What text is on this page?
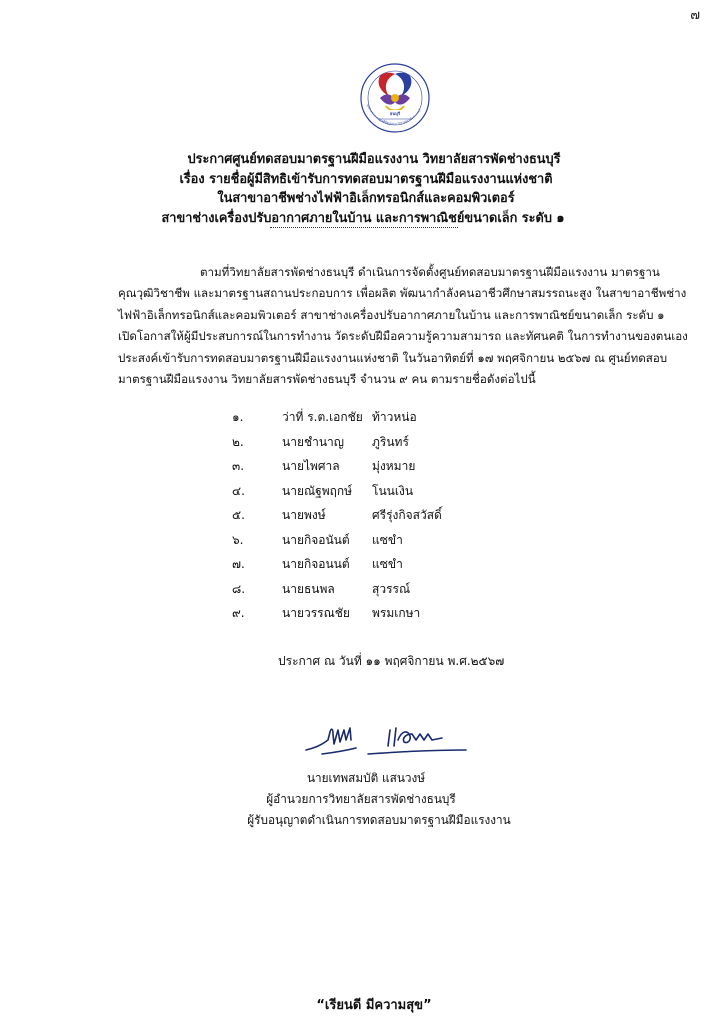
๗
ธนบุรี
ศูนย์ทดสอบมาตรฐานฝีมือแรงงาน วิทยาลัยสารพัดช่างธนบุรี
ประกาศศูนย์ทดสอบมาตรฐานฝีมือแรงงาน วิทยาลัยสารพัดช่างธนบุรี
เรื่อง รายชื่อผู้มีสิทธิเข้ารับการทดสอบมาตรฐานฝีมือแรงงานแห่งชาติ
ในสาขาอาชีพช่างไฟฟ้าอิเล็กทรอนิกส์และคอมพิวเตอร์
สาขาช่างเครื่องปรับอากาศภายในบ้าน และการพาณิชย์ขนาดเล็ก ระดับ ๑
ตามที่วิทยาลัยสารพัดช่างธนบุรี ดำเนินการจัดตั้งศูนย์ทดสอบมาตรฐานฝีมือแรงงาน มาตรฐาน
คุณวุฒิวิชาชีพ และมาตรฐานสถานประกอบการ เพื่อผลิต พัฒนากำลังคนอาชีวศึกษาสมรรถนะสูง ในสาขาอาชีพช่าง
ไฟฟ้าอิเล็กทรอนิกส์และคอมพิวเตอร์ สาขาช่างเครื่องปรับอากาศภายในบ้าน และการพาณิชย์ขนาดเล็ก ระดับ ๑
เปิดโอกาสให้ผู้มีประสบการณ์ในการทำงาน วัดระดับฝีมือความรู้ความสามารถ และทัศนคติ ในการทำงานของตนเอง
ประสงค์เข้ารับการทดสอบมาตรฐานฝีมือแรงงานแห่งชาติ ในวันอาทิตย์ที่ ๑๗ พฤศจิกายน ๒๕๖๗ ณ ศูนย์ทดสอบ
มาตรฐานฝีมือแรงงาน วิทยาลัยสารพัดช่างธนบุรี จำนวน ๙ คน ตามรายชื่อดังต่อไปนี้
๑.	ว่าที่ ร.ต.เอกชัย ท้าวหน่อ
๒.	นายชำนาญ ภูรินทร์
๓.	นายไพศาล	มุ่งหมาย
๔.	นายณัฐพฤกษ์ โนนเงิน
๕.	นายพงษ์	ศรีรุ่งกิจสวัสดิ์
๖.	นายกิจอนันต์ แซขำ
๗.	นายกิจอนนต์ แซขำ
๘.	นายธนพล	สุวรรณ์
๙.	นายวรรณชัย พรมเกษา
ประกาศ ณ วันที่ ๑๑ พฤศจิกายน พ.ศ.๒๕๖๗
นายเทพสมบัติ แสนวงษ์
ผู้อำนวยการวิทยาลัยสารพัดช่างธนบุรี
ผู้รับอนุญาตดำเนินการทดสอบมาตรฐานฝีมือแรงงาน
“เรียนดี มีความสุข”
